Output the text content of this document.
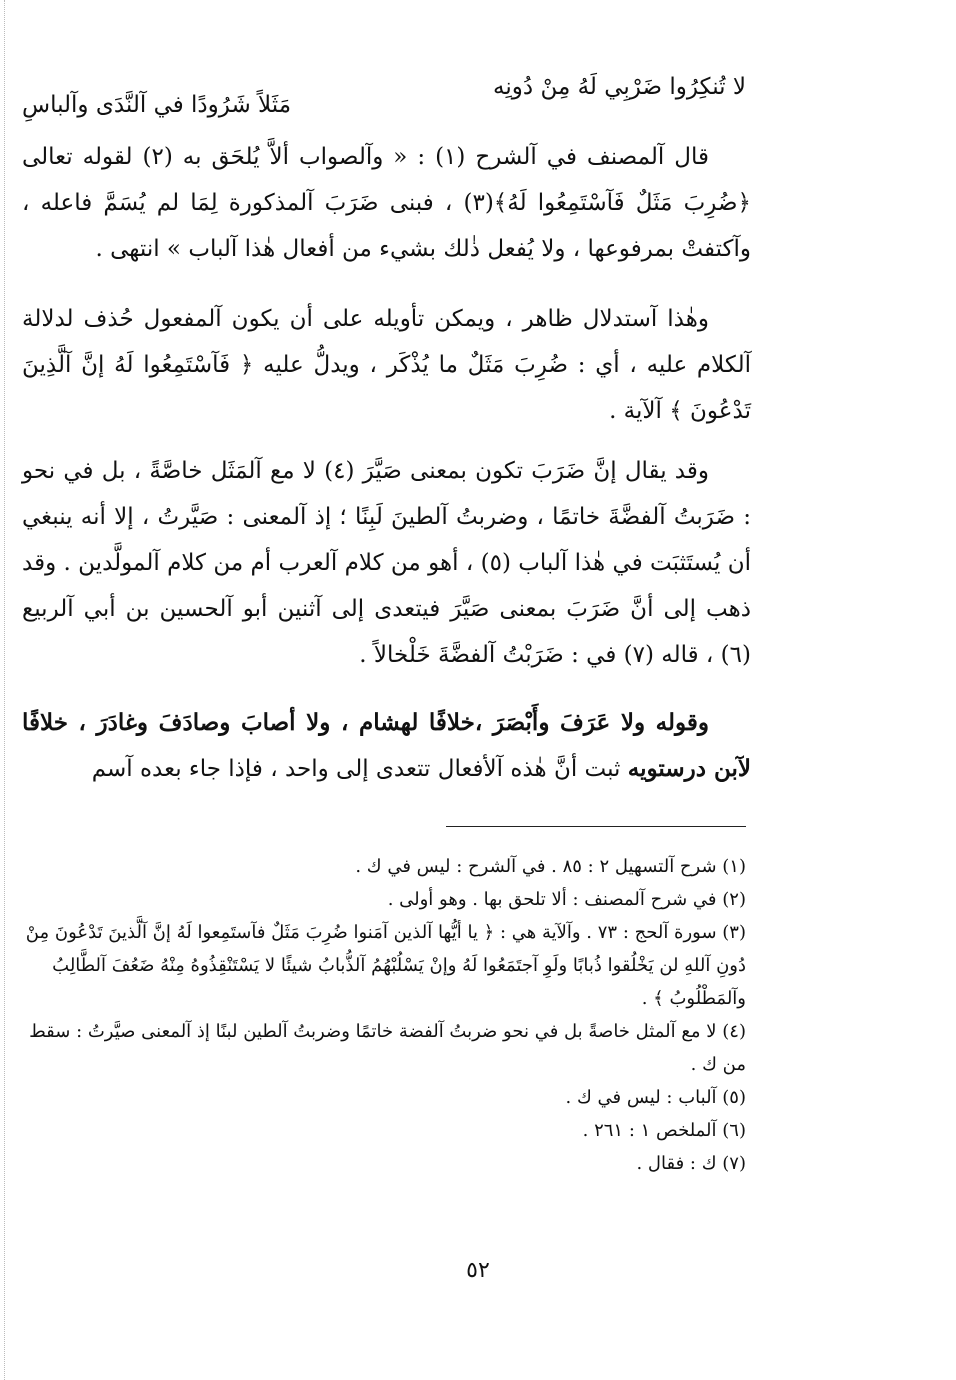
لا تُنكِرُوا ضَرْبِي لَهُ مِنْ دُونِه
مَثَلاً شَرُودًا في آلنَّدَى وآلباسِ

قال آلمصنف في آلشرح (١) : « وآلصواب ألاَّ يُلحَق به (٢) لقوله تعالى ﴿ضُرِبَ مَثَلٌ فَآسْتَمِعُوا لَهُ﴾(٣) ، فبنى ضَرَبَ آلمذكورة لِمَا لم يُسَمَّ فاعله ، وآكتفتْ بمرفوعها ، ولا يُفعل ذٰلك بشيء من أفعال هٰذا آلباب » انتهى .

وهٰذا آستدلال ظاهر ، ويمكن تأويله على أن يكون آلمفعول حُذف لدلالة آلكلام عليه ، أي : ضُرِبَ مَثَلٌ ما يُذْكَر ، ويدلُّ عليه ﴿ فَآسْتَمِعُوا لَهُ إنَّ آلَّذِينَ تَدْعُونَ ﴾ آلآية .

وقد يقال إنَّ ضَرَبَ تكون بمعنى صَيَّرَ (٤) لا مع آلمَثَل خاصَّةً ، بل في نحو : ضَرَبتُ آلفضَّةَ خاتمًا ، وضربتُ آلطينَ لَبِنًا ؛ إذ آلمعنى : صَيَّرتُ ، إلا أنه ينبغي أن يُستَثبَت في هٰذا آلباب (٥) ، أهو من كلام آلعرب أم من كلام آلمولَّدين . وقد ذهب إلى أنَّ ضَرَبَ بمعنى صَيَّرَ فيتعدى إلى آثنين أبو آلحسين بن أبي آلربيع (٦) ، قاله (٧) في : ضَرَبْتُ آلفضَّةَ خَلْخالاً .

وقوله ولا عَرَفَ وأَبْصَرَ ،خلافًا لهشام ، ولا أصابَ وصادَفَ وغادَرَ ، خلافًا لآبن درستويه ثبت أنَّ هٰذه آلأفعال تتعدى إلى واحد ، فإذا جاء بعده آسم

(١) شرح آلتسهيل ٢ : ٨٥ . في آلشرح : ليس في ك .

(٢) في شرح آلمصنف : ألا تلحق بها . وهو أولى .

(٣) سورة آلحج : ٧٣ . وآلآية هي : ﴿ يا أيُّها آلذين آمَنوا ضُرِبَ مَثَلٌ فآستَمِعوا لَهُ إنَّ آلَّذينَ تَدْعُونَ مِنْ دُونِ آللهِ لن يَخْلُقوا ذُبابًا ولَوِ آجتَمَعُوا لَهُ وإنْ يَسْلُبْهُمُ آلذُّبابُ شيئًا لا يَسْتَنْقِذُوهُ مِنْهُ ضَعُفَ آلطَّالِبُ وآلمَطْلُوبُ ﴾ .

(٤) لا مع آلمثل خاصةً بل في نحو ضربتُ آلفضة خاتمًا وضربتُ آلطين لبنًا إذ آلمعنى صيَّرتُ : سقط من ك .

(٥) آلباب : ليس في ك .

(٦) آلملخص ١ : ٢٦١ .

(٧) ك : فقال .

٥٢
